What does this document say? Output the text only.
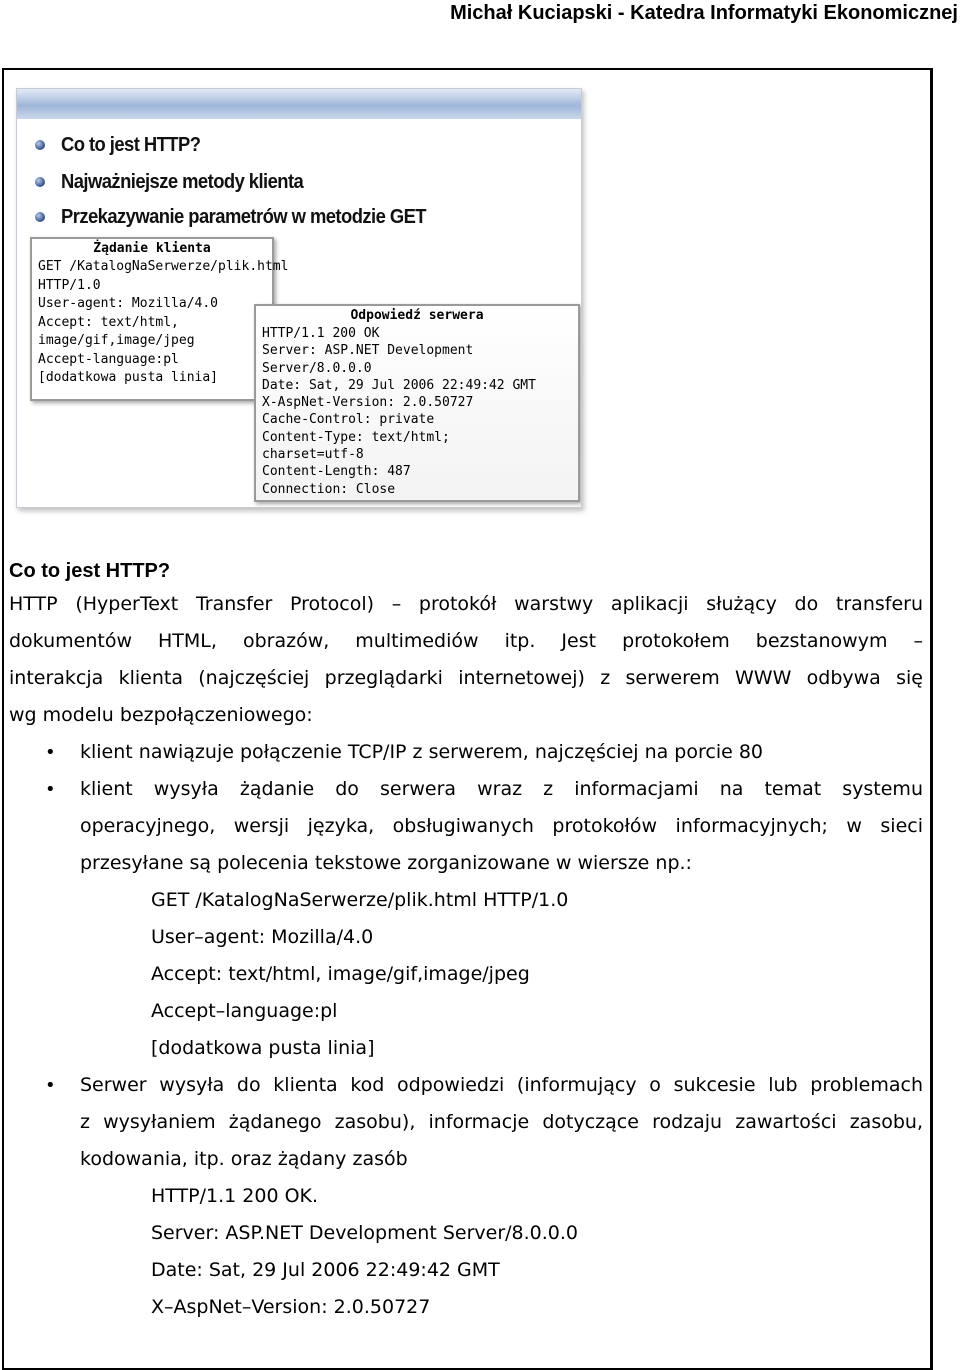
Michał Kuciapski - Katedra Informatyki Ekonomicznej
Co to jest HTTP?
Najważniejsze metody klienta
Przekazywanie parametrów w metodzie GET
Żądanie klienta
GET /KatalogNaSerwerze/plik.html
HTTP/1.0
User-agent: Mozilla/4.0
Accept: text/html,
image/gif,image/jpeg
Accept-language:pl
[dodatkowa pusta linia]
Odpowiedź serwera
HTTP/1.1 200 OK
Server: ASP.NET Development
Server/8.0.0.0
Date: Sat, 29 Jul 2006 22:49:42 GMT
X-AspNet-Version: 2.0.50727
Cache-Control: private
Content-Type: text/html;
charset=utf-8
Content-Length: 487
Connection: Close
Co to jest HTTP?
HTTP (HyperText Transfer Protocol) – protokół warstwy aplikacji służący do transferu
dokumentów HTML, obrazów, multimediów itp. Jest protokołem bezstanowym –
interakcja klienta (najczęściej przeglądarki internetowej) z serwerem WWW odbywa się
wg modelu bezpołączeniowego:
• klient nawiązuje połączenie TCP/IP z serwerem, najczęściej na porcie 80
• klient wysyła żądanie do serwera wraz z informacjami na temat systemu
operacyjnego, wersji języka, obsługiwanych protokołów informacyjnych; w sieci
przesyłane są polecenia tekstowe zorganizowane w wiersze np.:
GET /KatalogNaSerwerze/plik.html HTTP/1.0
User–agent: Mozilla/4.0
Accept: text/html, image/gif,image/jpeg
Accept–language:pl
[dodatkowa pusta linia]
• Serwer wysyła do klienta kod odpowiedzi (informujący o sukcesie lub problemach
z wysyłaniem żądanego zasobu), informacje dotyczące rodzaju zawartości zasobu,
kodowania, itp. oraz żądany zasób
HTTP/1.1 200 OK.
Server: ASP.NET Development Server/8.0.0.0
Date: Sat, 29 Jul 2006 22:49:42 GMT
X–AspNet–Version: 2.0.50727
